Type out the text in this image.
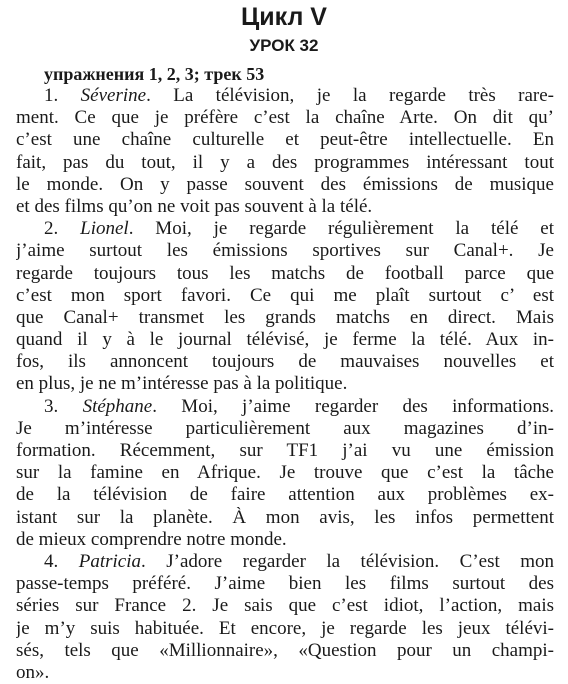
Цикл V
УРОК 32
упражнения 1, 2, 3; трек 53
1. Séverine. La télévision, je la regarde très rare-
ment. Ce que je préfère c’est la chaîne Arte. On dit qu’
c’est une chaîne culturelle et peut-être intellectuelle. En
fait, pas du tout, il y a des programmes intéressant tout
le monde. On y passe souvent des émissions de musique
et des films qu’on ne voit pas souvent à la télé.
2. Lionel. Moi, je regarde régulièrement la télé et
j’aime surtout les émissions sportives sur Canal+. Je
regarde toujours tous les matchs de football parce que
c’est mon sport favori. Ce qui me plaît surtout c’ est
que Canal+ transmet les grands matchs en direct. Mais
quand il y à le journal télévisé, je ferme la télé. Aux in-
fos, ils annoncent toujours de mauvaises nouvelles et
en plus, je ne m’intéresse pas à la politique.
3. Stéphane. Moi, j’aime regarder des informations.
Je m’intéresse particulièrement aux magazines d’in-
formation. Récemment, sur TF1 j’ai vu une émission
sur la famine en Afrique. Je trouve que c’est la tâche
de la télévision de faire attention aux problèmes ex-
istant sur la planète. À mon avis, les infos permettent
de mieux comprendre notre monde.
4. Patricia. J’adore regarder la télévision. C’est mon
passe-temps préféré. J’aime bien les films surtout des
séries sur France 2. Je sais que c’est idiot, l’action, mais
je m’y suis habituée. Et encore, je regarde les jeux télévi-
sés, tels que «Millionnaire», «Question pour un champi-
on».
